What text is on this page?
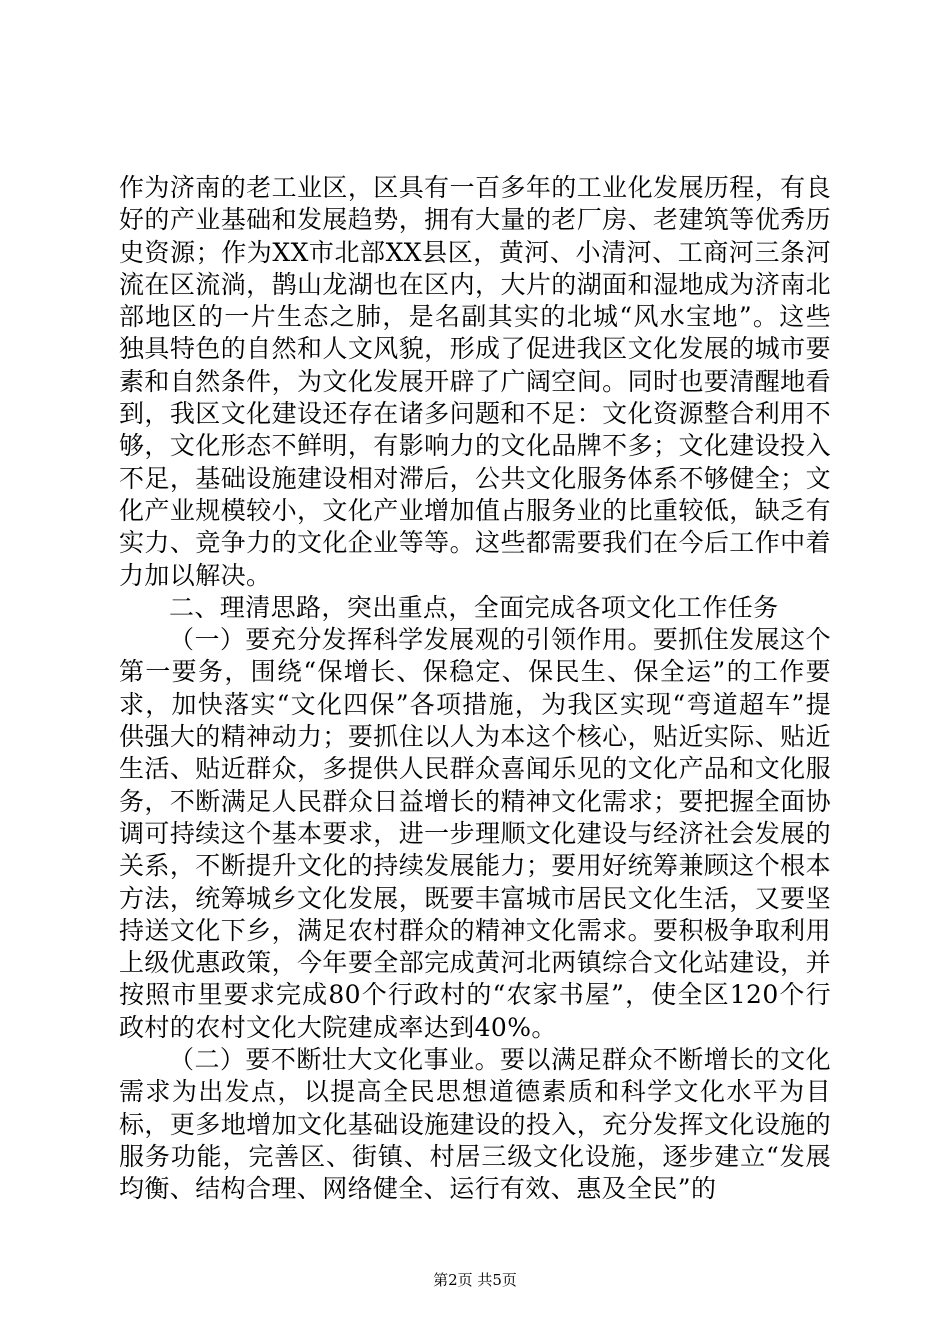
作为济南的老工业区，区具有一百多年的工业化发展历程，有良好的产业基础和发展趋势，拥有大量的老厂房、老建筑等优秀历史资源；作为XX市北部XX县区，黄河、小清河、工商河三条河流在区流淌，鹊山龙湖也在区内，大片的湖面和湿地成为济南北部地区的一片生态之肺，是名副其实的北城“风水宝地”。这些独具特色的自然和人文风貌，形成了促进我区文化发展的城市要素和自然条件，为文化发展开辟了广阔空间。同时也要清醒地看到，我区文化建设还存在诸多问题和不足：文化资源整合利用不够，文化形态不鲜明，有影响力的文化品牌不多；文化建设投入不足，基础设施建设相对滞后，公共文化服务体系不够健全；文化产业规模较小，文化产业增加值占服务业的比重较低，缺乏有实力、竞争力的文化企业等等。这些都需要我们在今后工作中着力加以解决。

二、理清思路，突出重点，全面完成各项文化工作任务

（一）要充分发挥科学发展观的引领作用。要抓住发展这个第一要务，围绕“保增长、保稳定、保民生、保全运”的工作要求，加快落实“文化四保”各项措施，为我区实现“弯道超车”提供强大的精神动力；要抓住以人为本这个核心，贴近实际、贴近生活、贴近群众，多提供人民群众喜闻乐见的文化产品和文化服务，不断满足人民群众日益增长的精神文化需求；要把握全面协调可持续这个基本要求，进一步理顺文化建设与经济社会发展的关系，不断提升文化的持续发展能力；要用好统筹兼顾这个根本方法，统筹城乡文化发展，既要丰富城市居民文化生活，又要坚持送文化下乡，满足农村群众的精神文化需求。要积极争取利用上级优惠政策，今年要全部完成黄河北两镇综合文化站建设，并按照市里要求完成80个行政村的“农家书屋”，使全区120个行政村的农村文化大院建成率达到40%。

（二）要不断壮大文化事业。要以满足群众不断增长的文化需求为出发点，以提高全民思想道德素质和科学文化水平为目标，更多地增加文化基础设施建设的投入，充分发挥文化设施的服务功能，完善区、街镇、村居三级文化设施，逐步建立“发展均衡、结构合理、网络健全、运行有效、惠及全民”的

第2页 共5页
